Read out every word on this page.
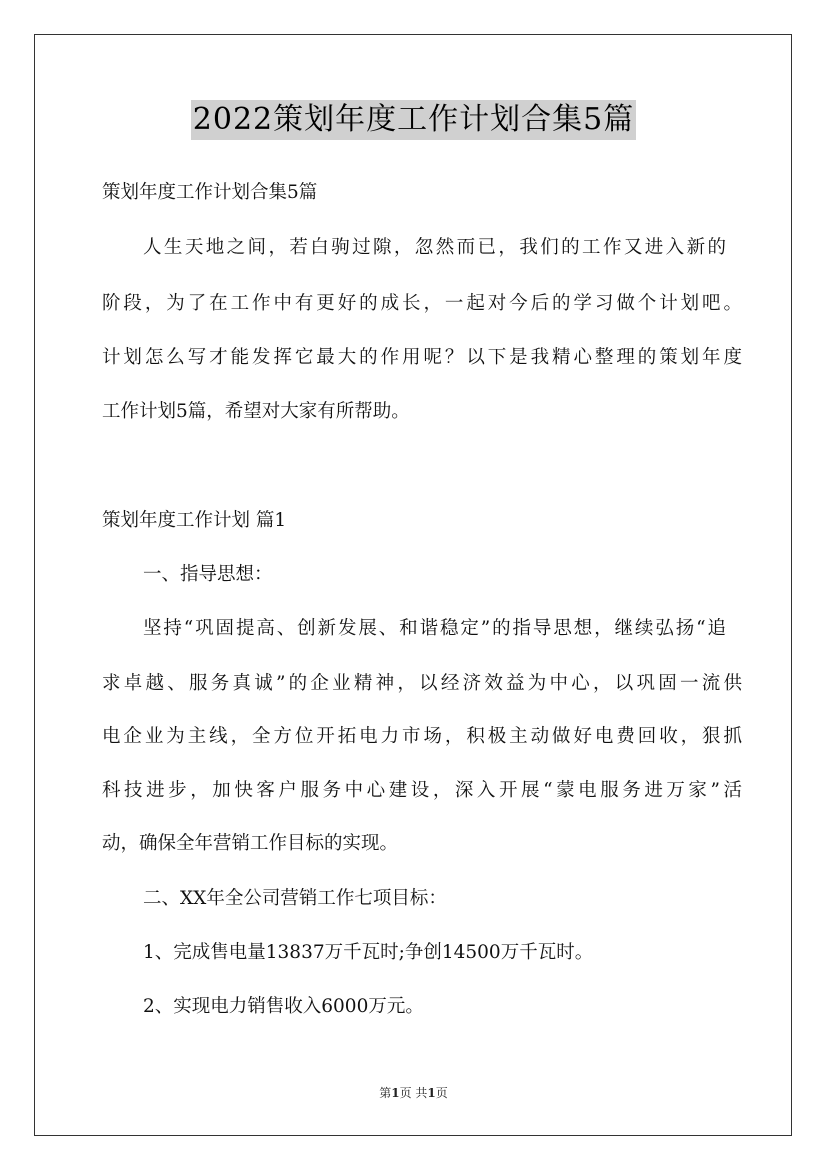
2022策划年度工作计划合集5篇
策划年度工作计划合集5篇
人生天地之间，若白驹过隙，忽然而已，我们的工作又进入新的
阶段，为了在工作中有更好的成长，一起对今后的学习做个计划吧。
计划怎么写才能发挥它最大的作用呢？以下是我精心整理的策划年度
工作计划5篇，希望对大家有所帮助。
策划年度工作计划 篇1
一、指导思想：
坚持“巩固提高、创新发展、和谐稳定”的指导思想，继续弘扬“追
求卓越、服务真诚”的企业精神，以经济效益为中心，以巩固一流供
电企业为主线，全方位开拓电力市场，积极主动做好电费回收，狠抓
科技进步，加快客户服务中心建设，深入开展“蒙电服务进万家”活
动，确保全年营销工作目标的实现。
二、XX年全公司营销工作七项目标：
1、完成售电量13837万千瓦时;争创14500万千瓦时。
2、实现电力销售收入6000万元。
第1页 共1页
